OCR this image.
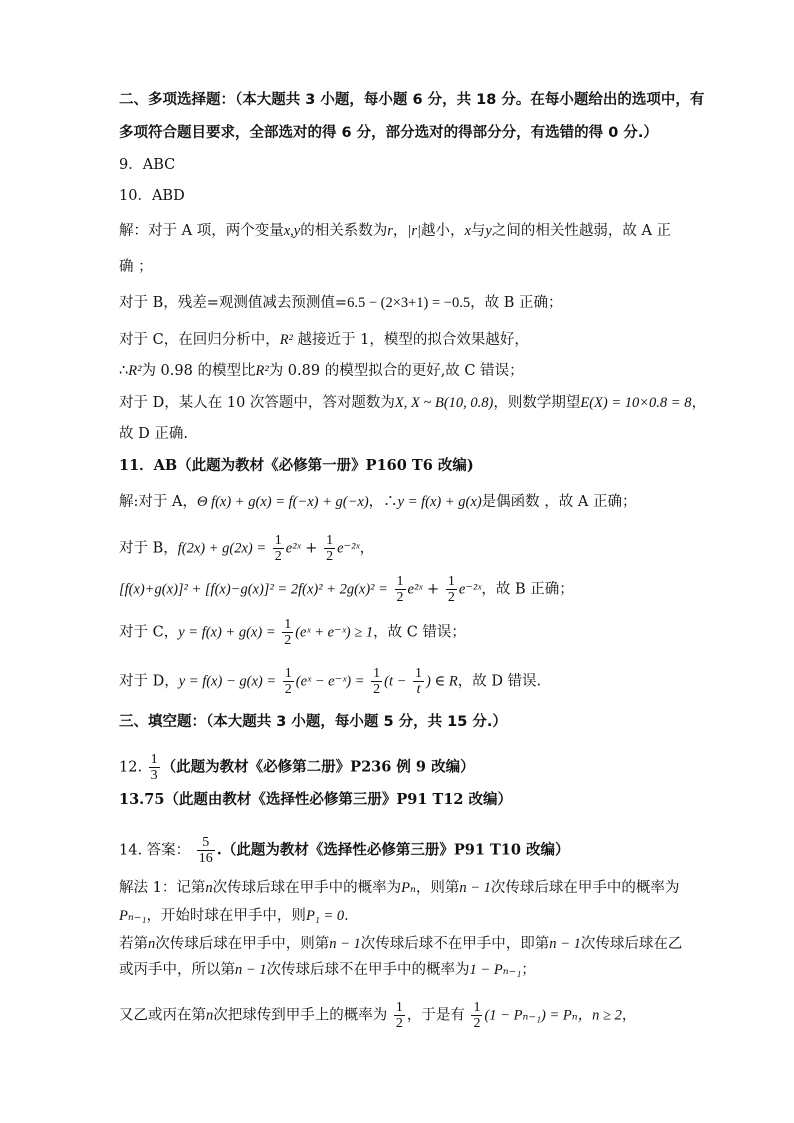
二、多项选择题：（本大题共 3 小题，每小题 6 分，共 18 分。在每小题给出的选项中，有
多项符合题目要求，全部选对的得 6 分，部分选对的得部分分，有选错的得 0 分.）
9．ABC
10．ABD
解：对于 A 项，两个变量x,y的相关系数为r，|r|越小，x与y之间的相关性越弱，故 A 正
确 ；
对于 B，残差=观测值减去预测值=6.5 − (2×3+1) = −0.5，故 B 正确；
对于 C，在回归分析中，R² 越接近于 1，模型的拟合效果越好，
∴R²为 0.98 的模型比R²为 0.89 的模型拟合的更好,故 C 错误；
对于 D，某人在 10 次答题中，答对题数为X, X ~ B(10, 0.8)，则数学期望E(X) = 10×0.8 = 8，
故 D 正确.
11．AB（此题为教材《必修第一册》P160 T6 改编)
解:对于 A，Θ f(x) + g(x) = f(−x) + g(−x)，∴y = f(x) + g(x)是偶函数 ，故 A 正确；
对于 B，$f(2x) + g(2x) = \frac{1}{2}$ e²ˣ + $\frac{1}{2}$ e⁻²ˣ，
$[f(x)+g(x)]^2 + [f(x)-g(x)]^2 = 2f(x)^2 + 2g(x)^2 = \frac{1}{2}$ e²ˣ + $\frac{1}{2}$ e⁻²ˣ，故 B 正确；
对于 C，$y = f(x) + g(x) = \frac{1}{2}$ (eˣ + e⁻ˣ) ≥ 1，故 C 错误；
对于 D，$y = f(x) - g(x) = \frac{1}{2}$ (eˣ − e⁻ˣ) = $\frac{1}{2} (t - \frac{1}{t}$ ) ∈ R，故 D 错误.
三、填空题：（本大题共 3 小题，每小题 5 分，共 15 分.）
12. $\frac{1}{3}$ （此题为教材《必修第二册》P236 例 9 改编）
13.75（此题由教材《选择性必修第三册》P91 T12 改编）
14. 答案： $\frac{5}{16}$ .（此题为教材《选择性必修第三册》P91 T10 改编）
解法 1：记第n次传球后球在甲手中的概率为Pₙ，则第n − 1次传球后球在甲手中的概率为
Pₙ₋₁，开始时球在甲手中，则P₁ = 0．
若第n次传球后球在甲手中，则第n − 1次传球后球不在甲手中，即第n − 1次传球后球在乙
或丙手中，所以第n − 1次传球后球不在甲手中的概率为1 − Pₙ₋₁；
又乙或丙在第n次把球传到甲手上的概率为 $\frac{1}{2}$ ，于是有 $\frac{1}{2} (1 - P_{n-1}) = P_n$，n ≥ 2，
